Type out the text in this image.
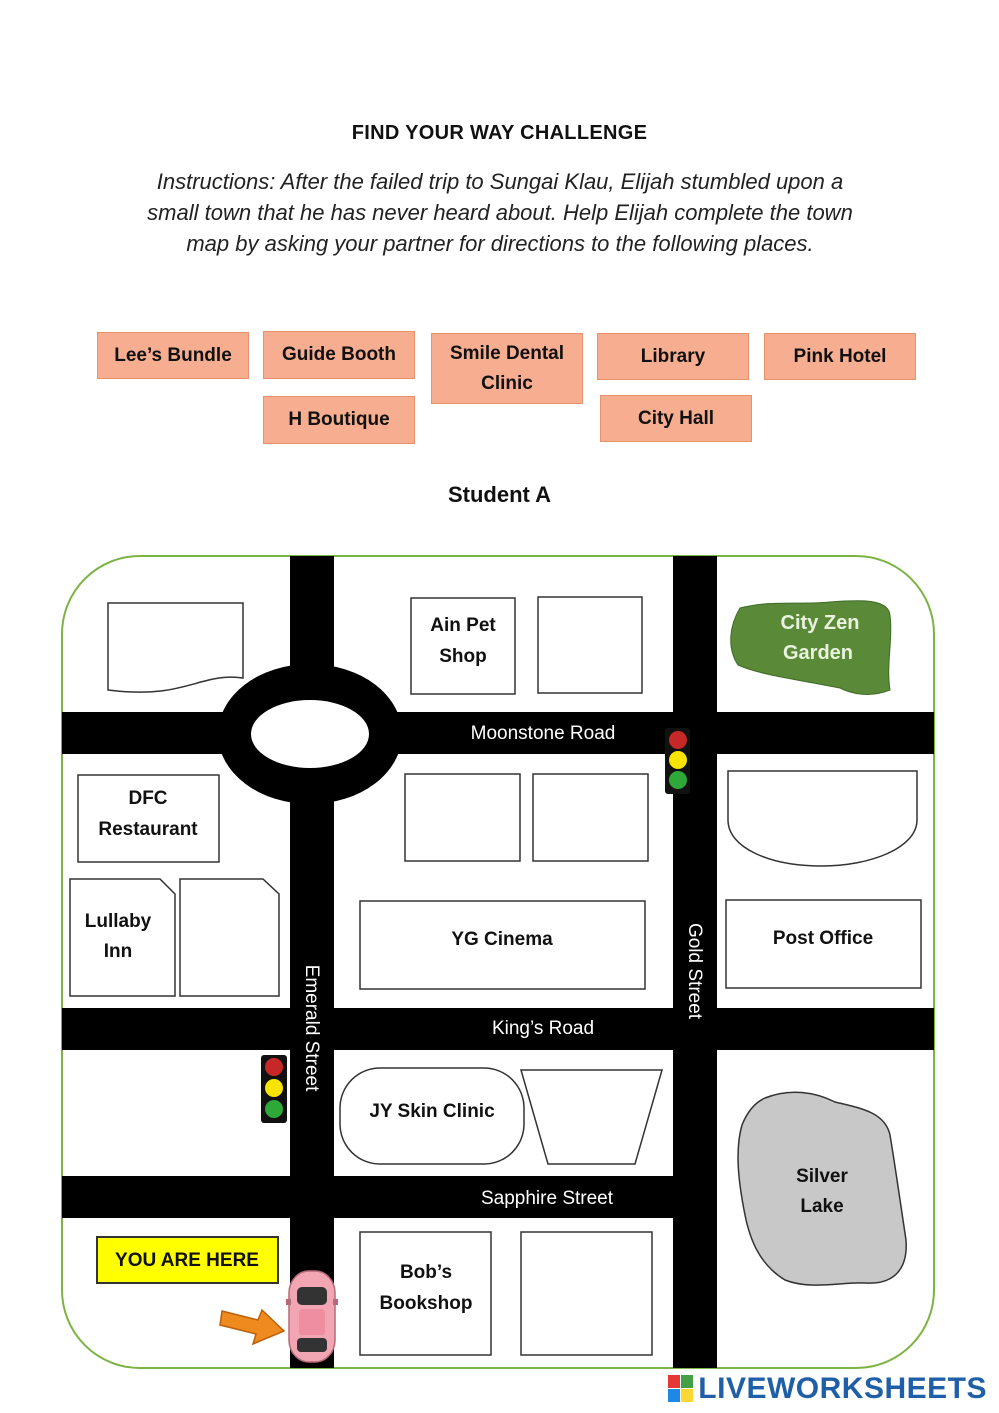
FIND YOUR WAY CHALLENGE
Instructions: After the failed trip to Sungai Klau, Elijah stumbled upon a small town that he has never heard about. Help Elijah complete the town map by asking your partner for directions to the following places.
Lee’s Bundle	Guide Booth	Smile Dental Clinic
Library	Pink Hotel
H Boutique	City Hall
Student A
Moonstone Road
King’s Road
Sapphire Street
Emerald Street	Gold Street
Ain Pet
Shop
City Zen
Garden
DFC
Restaurant
Lullaby
Inn
YG Cinema	Post Office
JY Skin Clinic
Silver
Lake
Bob’s
Bookshop
YOU ARE HERE
LIVEWORKSHEETS
